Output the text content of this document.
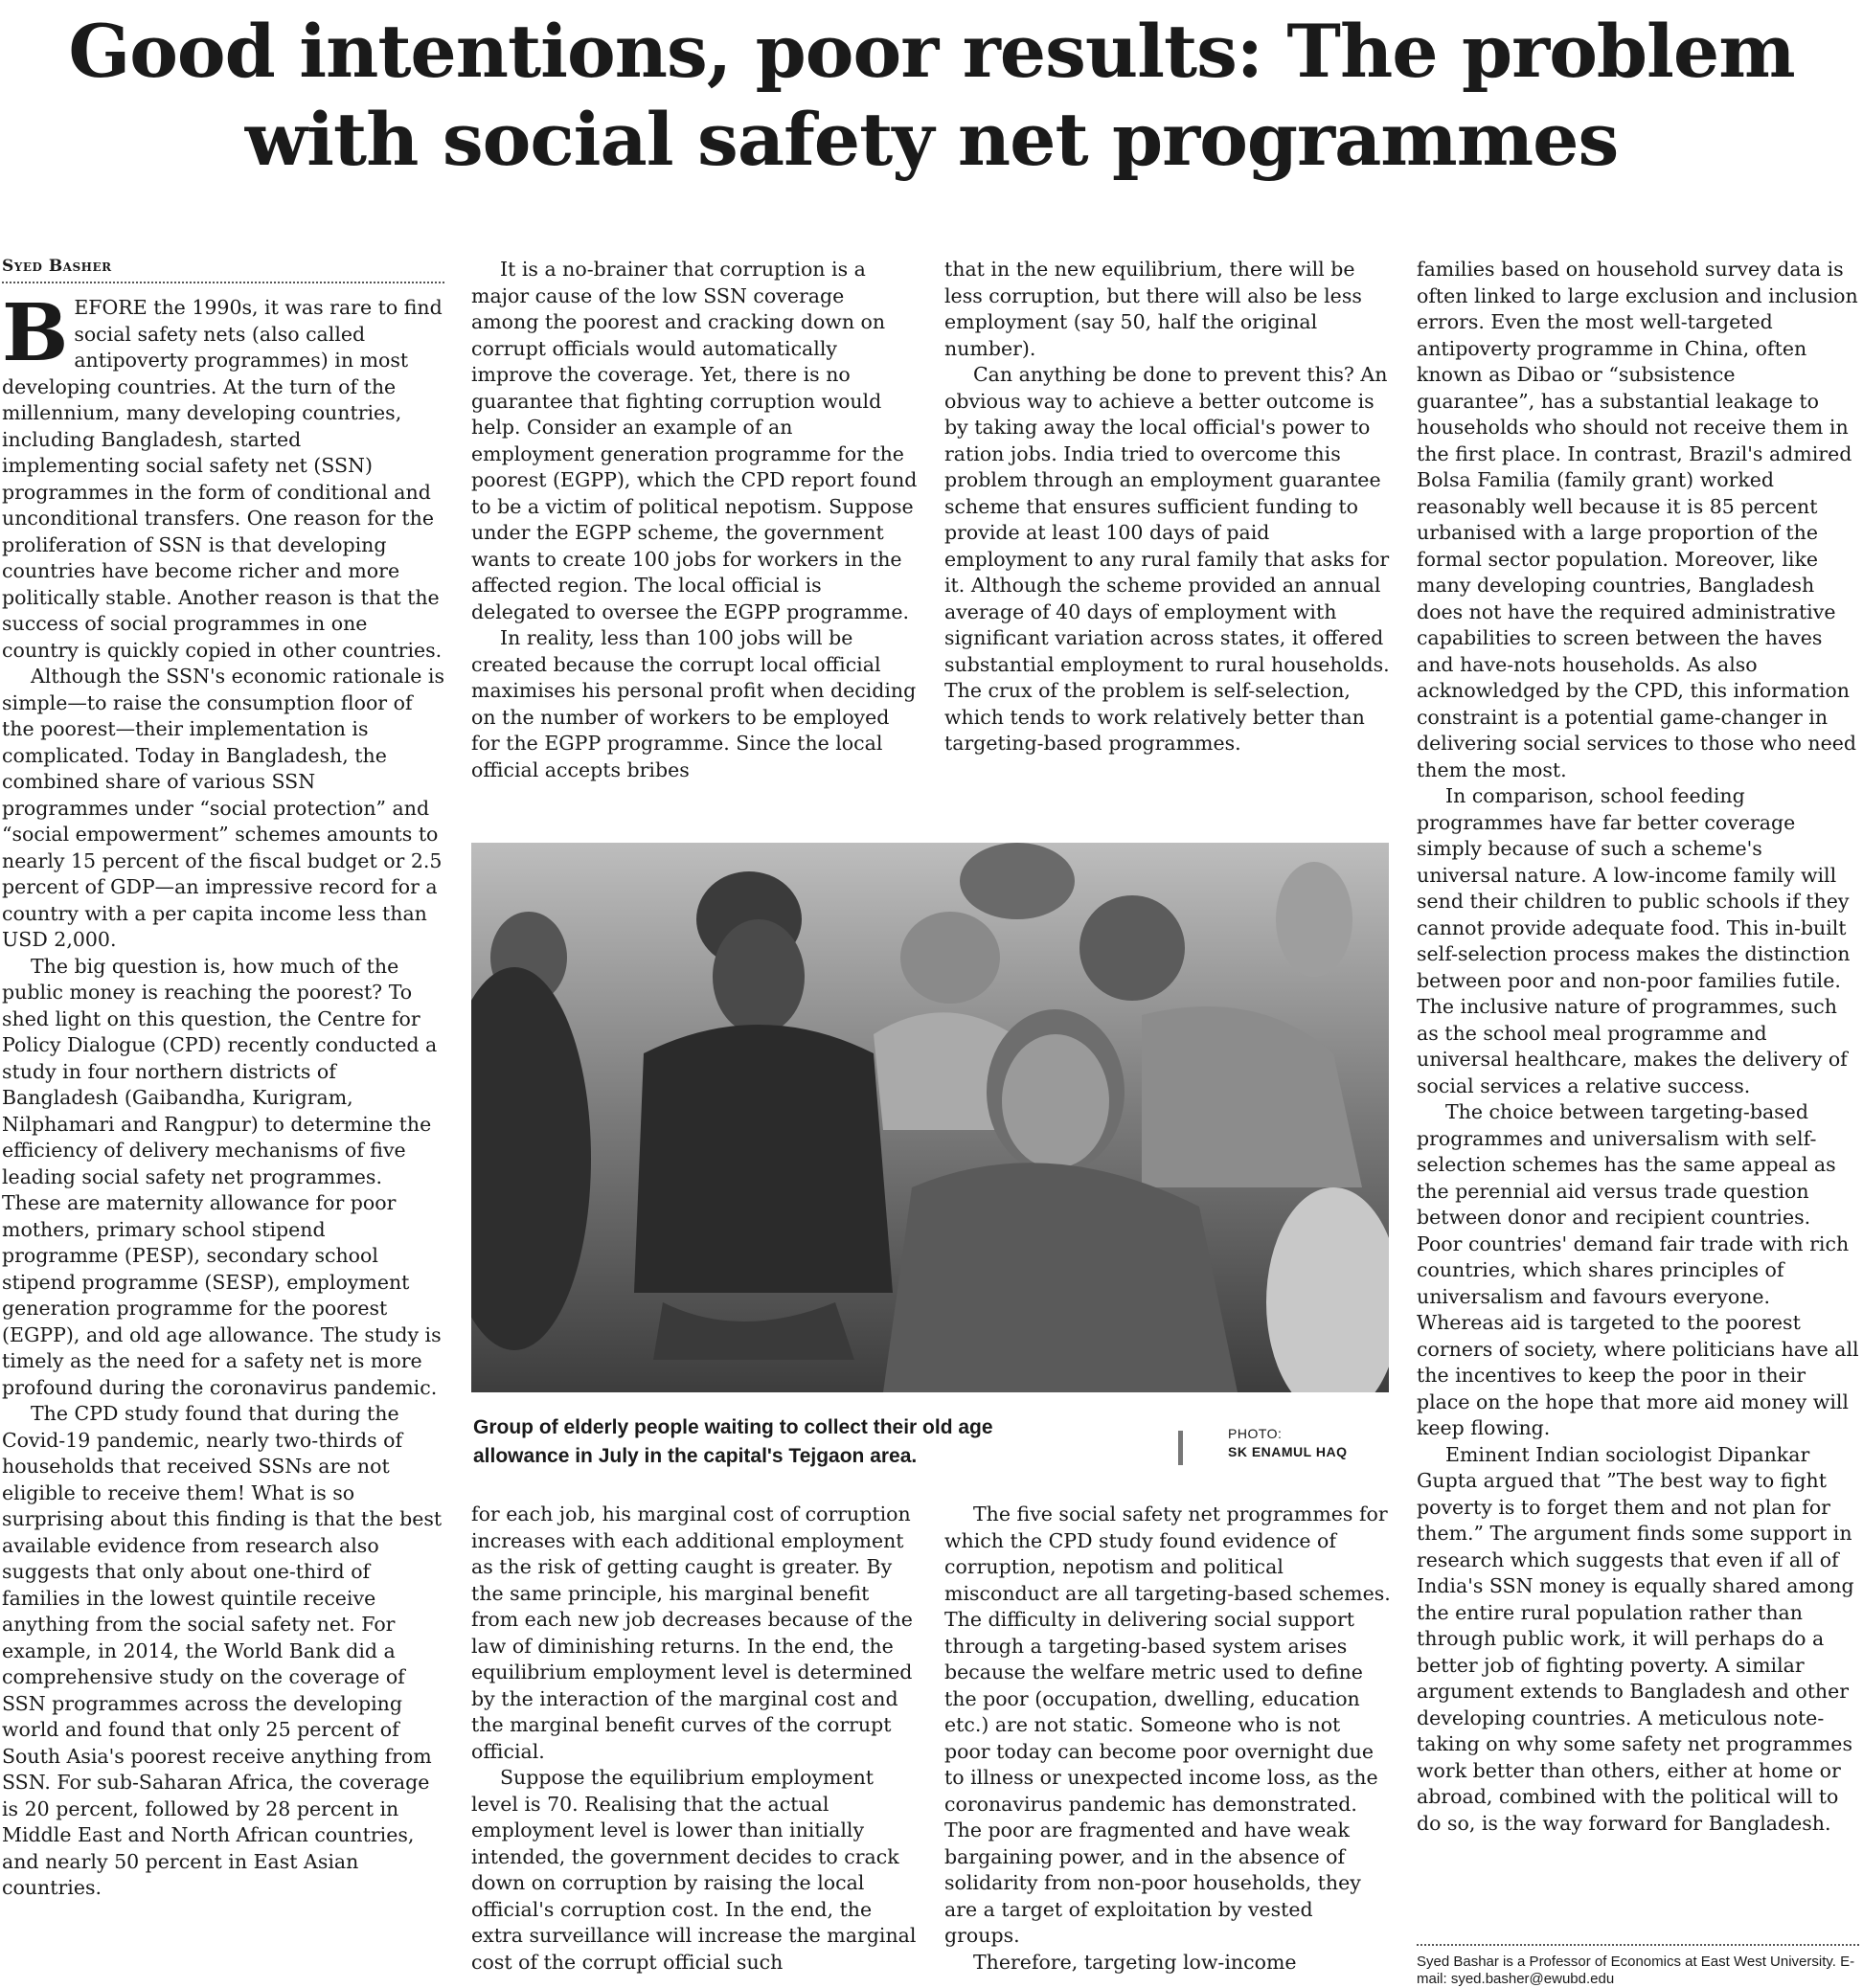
Good intentions, poor results: The problem
with social safety net programmes
Syed Basher

BEFORE the 1990s, it was rare to find social safety nets (also called antipoverty programmes) in most developing countries. At the turn of the millennium, many developing countries, including Bangladesh, started implementing social safety net (SSN) programmes in the form of conditional and unconditional transfers. One reason for the proliferation of SSN is that developing countries have become richer and more politically stable. Another reason is that the success of social programmes in one country is quickly copied in other countries.

Although the SSN's economic rationale is simple—to raise the consumption floor of the poorest—their implementation is complicated. Today in Bangladesh, the combined share of various SSN programmes under “social protection” and “social empowerment” schemes amounts to nearly 15 percent of the fiscal budget or 2.5 percent of GDP—an impressive record for a country with a per capita income less than USD 2,000.

The big question is, how much of the public money is reaching the poorest? To shed light on this question, the Centre for Policy Dialogue (CPD) recently conducted a study in four northern districts of Bangladesh (Gaibandha, Kurigram, Nilphamari and Rangpur) to determine the efficiency of delivery mechanisms of five leading social safety net programmes. These are maternity allowance for poor mothers, primary school stipend programme (PESP), secondary school stipend programme (SESP), employment generation programme for the poorest (EGPP), and old age allowance. The study is timely as the need for a safety net is more profound during the coronavirus pandemic.

The CPD study found that during the Covid-19 pandemic, nearly two-thirds of households that received SSNs are not eligible to receive them! What is so surprising about this finding is that the best available evidence from research also suggests that only about one-third of families in the lowest quintile receive anything from the social safety net. For example, in 2014, the World Bank did a comprehensive study on the coverage of SSN programmes across the developing world and found that only 25 percent of South Asia's poorest receive anything from SSN. For sub-Saharan Africa, the coverage is 20 percent, followed by 28 percent in Middle East and North African countries, and nearly 50 percent in East Asian countries.

It is a no-brainer that corruption is a major cause of the low SSN coverage among the poorest and cracking down on corrupt officials would automatically improve the coverage. Yet, there is no guarantee that fighting corruption would help. Consider an example of an employment generation programme for the poorest (EGPP), which the CPD report found to be a victim of political nepotism. Suppose under the EGPP scheme, the government wants to create 100 jobs for workers in the affected region. The local official is delegated to oversee the EGPP programme.

In reality, less than 100 jobs will be created because the corrupt local official maximises his personal profit when deciding on the number of workers to be employed for the EGPP programme. Since the local official accepts bribes

that in the new equilibrium, there will be less corruption, but there will also be less employment (say 50, half the original number).

Can anything be done to prevent this? An obvious way to achieve a better outcome is by taking away the local official's power to ration jobs. India tried to overcome this problem through an employment guarantee scheme that ensures sufficient funding to provide at least 100 days of paid employment to any rural family that asks for it. Although the scheme provided an annual average of 40 days of employment with significant variation across states, it offered substantial employment to rural households. The crux of the problem is self-selection, which tends to work relatively better than targeting-based programmes.

Group of elderly people waiting to collect their old age allowance in July in the capital's Tejgaon area.
PHOTO:
SK ENAMUL HAQ

for each job, his marginal cost of corruption increases with each additional employment as the risk of getting caught is greater. By the same principle, his marginal benefit from each new job decreases because of the law of diminishing returns. In the end, the equilibrium employment level is determined by the interaction of the marginal cost and the marginal benefit curves of the corrupt official.

Suppose the equilibrium employment level is 70. Realising that the actual employment level is lower than initially intended, the government decides to crack down on corruption by raising the local official's corruption cost. In the end, the extra surveillance will increase the marginal cost of the corrupt official such

The five social safety net programmes for which the CPD study found evidence of corruption, nepotism and political misconduct are all targeting-based schemes. The difficulty in delivering social support through a targeting-based system arises because the welfare metric used to define the poor (occupation, dwelling, education etc.) are not static. Someone who is not poor today can become poor overnight due to illness or unexpected income loss, as the coronavirus pandemic has demonstrated. The poor are fragmented and have weak bargaining power, and in the absence of solidarity from non-poor households, they are a target of exploitation by vested groups.

Therefore, targeting low-income

families based on household survey data is often linked to large exclusion and inclusion errors. Even the most well-targeted antipoverty programme in China, often known as Dibao or “subsistence guarantee”, has a substantial leakage to households who should not receive them in the first place. In contrast, Brazil's admired Bolsa Familia (family grant) worked reasonably well because it is 85 percent urbanised with a large proportion of the formal sector population. Moreover, like many developing countries, Bangladesh does not have the required administrative capabilities to screen between the haves and have-nots households. As also acknowledged by the CPD, this information constraint is a potential game-changer in delivering social services to those who need them the most.

In comparison, school feeding programmes have far better coverage simply because of such a scheme's universal nature. A low-income family will send their children to public schools if they cannot provide adequate food. This in-built self-selection process makes the distinction between poor and non-poor families futile. The inclusive nature of programmes, such as the school meal programme and universal healthcare, makes the delivery of social services a relative success.

The choice between targeting-based programmes and universalism with self-selection schemes has the same appeal as the perennial aid versus trade question between donor and recipient countries. Poor countries' demand fair trade with rich countries, which shares principles of universalism and favours everyone. Whereas aid is targeted to the poorest corners of society, where politicians have all the incentives to keep the poor in their place on the hope that more aid money will keep flowing.

Eminent Indian sociologist Dipankar Gupta argued that ”The best way to fight poverty is to forget them and not plan for them.” The argument finds some support in research which suggests that even if all of India's SSN money is equally shared among the entire rural population rather than through public work, it will perhaps do a better job of fighting poverty. A similar argument extends to Bangladesh and other developing countries. A meticulous note-taking on why some safety net programmes work better than others, either at home or abroad, combined with the political will to do so, is the way forward for Bangladesh.

Syed Bashar is a Professor of Economics at East West University. E-mail: syed.basher@ewubd.edu
